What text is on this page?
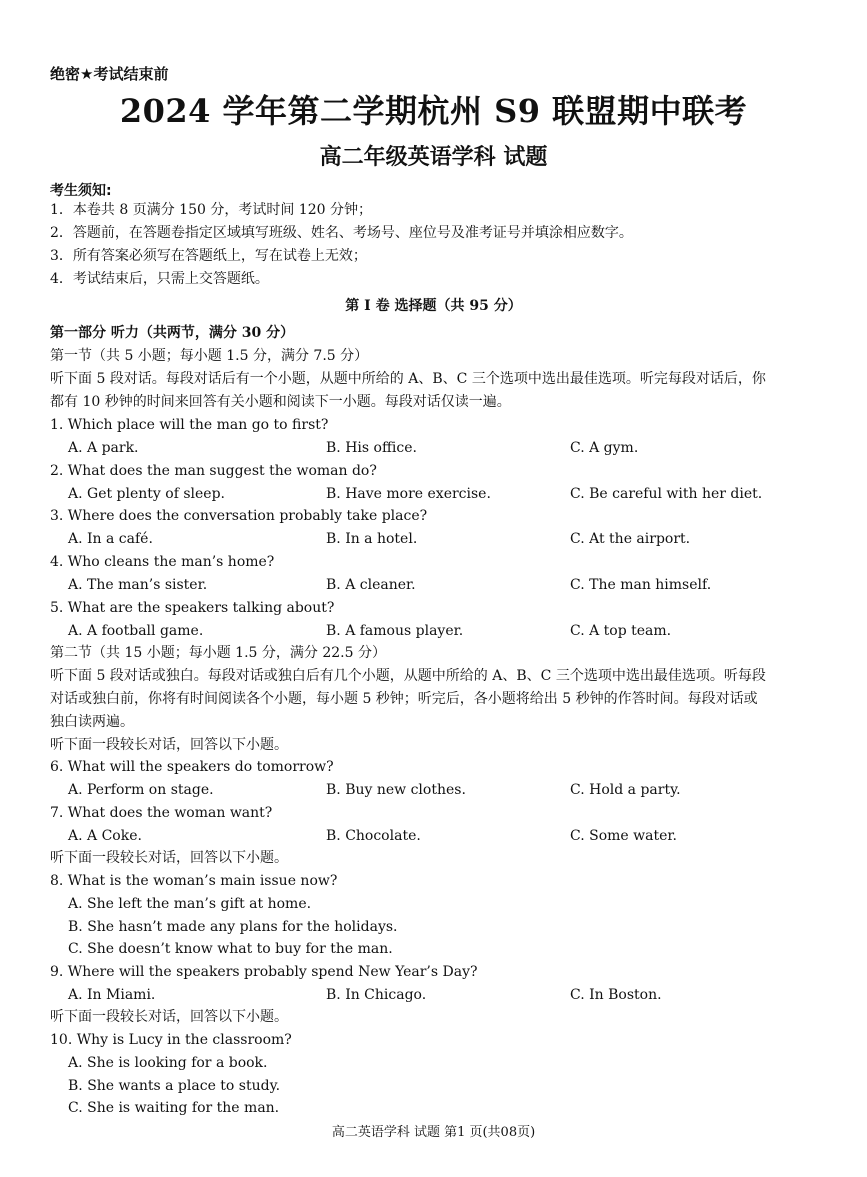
绝密★考试结束前
2024 学年第二学期杭州 S9 联盟期中联考
高二年级英语学科 试题
考生须知:
1．本卷共 8 页满分 150 分，考试时间 120 分钟；
2．答题前，在答题卷指定区域填写班级、姓名、考场号、座位号及准考证号并填涂相应数字。
3．所有答案必须写在答题纸上，写在试卷上无效；
4．考试结束后，只需上交答题纸。
第 I 卷 选择题（共 95 分）
第一部分 听力（共两节，满分 30 分）
第一节（共 5 小题；每小题 1.5 分，满分 7.5 分）
听下面 5 段对话。每段对话后有一个小题，从题中所给的 A、B、C 三个选项中选出最佳选项。听完每段对话后，你
都有 10 秒钟的时间来回答有关小题和阅读下一小题。每段对话仅读一遍。
1. Which place will the man go to first?
A. A park.	B. His office.	C. A gym.
2. What does the man suggest the woman do?
A. Get plenty of sleep.	B. Have more exercise.	C. Be careful with her diet.
3. Where does the conversation probably take place?
A. In a café.	B. In a hotel.	C. At the airport.
4. Who cleans the man’s home?
A. The man’s sister.	B. A cleaner.	C. The man himself.
5. What are the speakers talking about?
A. A football game.	B. A famous player.	C. A top team.
第二节（共 15 小题；每小题 1.5 分，满分 22.5 分）
听下面 5 段对话或独白。每段对话或独白后有几个小题，从题中所给的 A、B、C 三个选项中选出最佳选项。听每段
对话或独白前，你将有时间阅读各个小题，每小题 5 秒钟；听完后，各小题将给出 5 秒钟的作答时间。每段对话或
独白读两遍。
听下面一段较长对话，回答以下小题。
6. What will the speakers do tomorrow?
A. Perform on stage.	B. Buy new clothes.	C. Hold a party.
7. What does the woman want?
A. A Coke.	B. Chocolate.	C. Some water.
听下面一段较长对话，回答以下小题。
8. What is the woman’s main issue now?
A. She left the man’s gift at home.
B. She hasn’t made any plans for the holidays.
C. She doesn’t know what to buy for the man.
9. Where will the speakers probably spend New Year’s Day?
A. In Miami.	B. In Chicago.	C. In Boston.
听下面一段较长对话，回答以下小题。
10. Why is Lucy in the classroom?
A. She is looking for a book.
B. She wants a place to study.
C. She is waiting for the man.
高二英语学科 试题 第1 页(共08页)
